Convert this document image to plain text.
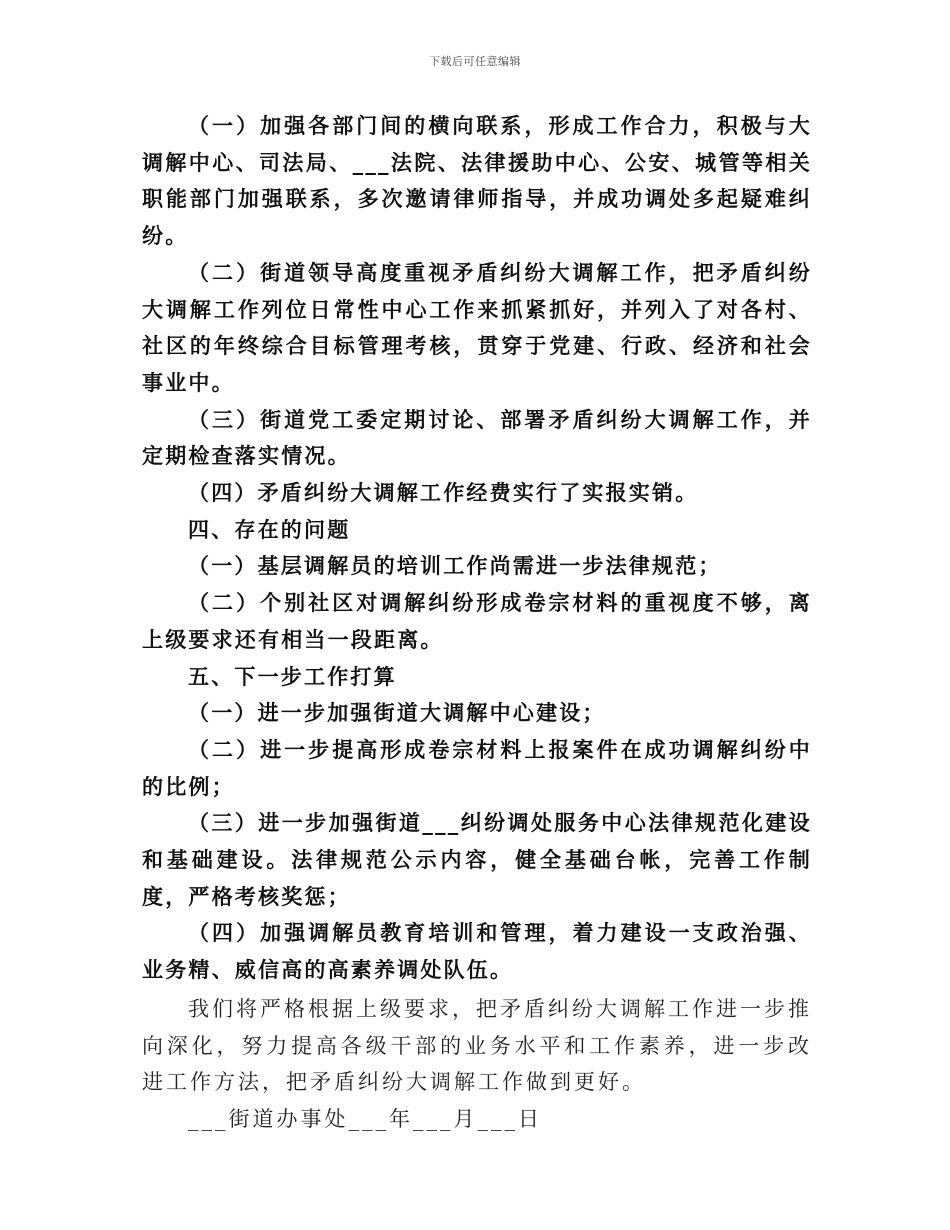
下载后可任意编辑

（一）加强各部门间的横向联系，形成工作合力，积极与大调解中心、司法局、___法院、法律援助中心、公安、城管等相关职能部门加强联系，多次邀请律师指导，并成功调处多起疑难纠纷。

（二）街道领导高度重视矛盾纠纷大调解工作，把矛盾纠纷大调解工作列位日常性中心工作来抓紧抓好，并列入了对各村、社区的年终综合目标管理考核，贯穿于党建、行政、经济和社会事业中。

（三）街道党工委定期讨论、部署矛盾纠纷大调解工作，并定期检查落实情况。

（四）矛盾纠纷大调解工作经费实行了实报实销。

四、存在的问题

（一）基层调解员的培训工作尚需进一步法律规范；

（二）个别社区对调解纠纷形成卷宗材料的重视度不够，离上级要求还有相当一段距离。

五、下一步工作打算

（一）进一步加强街道大调解中心建设；

（二）进一步提高形成卷宗材料上报案件在成功调解纠纷中的比例；

（三）进一步加强街道___纠纷调处服务中心法律规范化建设和基础建设。法律规范公示内容，健全基础台帐，完善工作制度，严格考核奖惩；

（四）加强调解员教育培训和管理，着力建设一支政治强、业务精、威信高的高素养调处队伍。

我们将严格根据上级要求，把矛盾纠纷大调解工作进一步推向深化，努力提高各级干部的业务水平和工作素养，进一步改进工作方法，把矛盾纠纷大调解工作做到更好。

___街道办事处___年___月___日
